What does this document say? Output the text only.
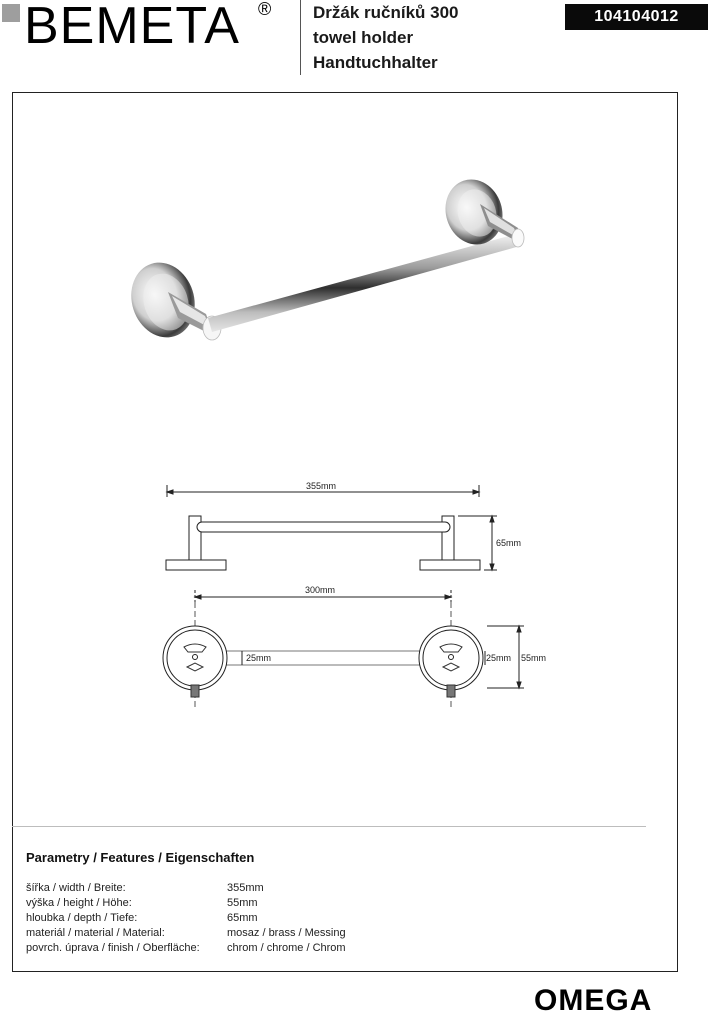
BEMETA ® Držák ručníků 300
towel holder
Handtuchhalter
104104012
355mm
65mm
300mm
25mm	25mm 55mm
Parametry / Features / Eigenschaften
šířka / width / Breite:	355mm
výška / height / Höhe:	55mm
hloubka / depth / Tiefe:	65mm
materiál / material / Material:	mosaz / brass / Messing
povrch. úprava / finish / Oberfläche: chrom / chrome / Chrom
OMEGA
